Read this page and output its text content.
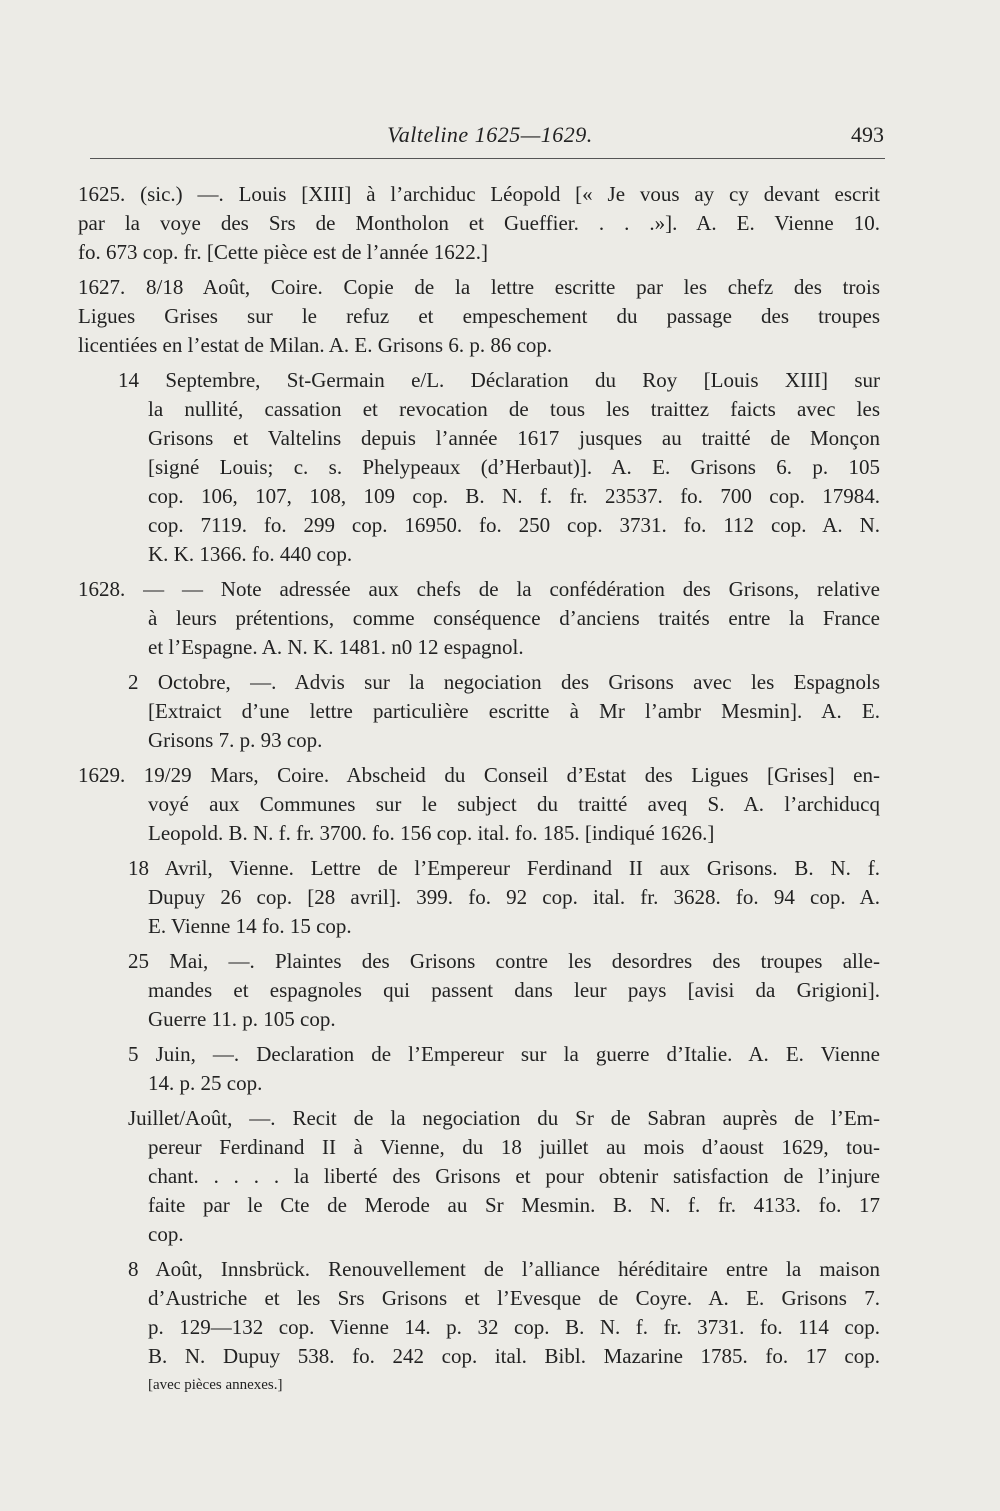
Valteline 1625—1629.	493
1625. (sic.) —. Louis [XIII] à l’archiduc Léopold [« Je vous ay cy devant escrit
par la voye des Srs de Montholon et Gueffier. . . .»]. A. E. Vienne 10.
fo. 673 cop. fr. [Cette pièce est de l’année 1622.]
1627. 8/18 Août, Coire. Copie de la lettre escritte par les chefz des trois
Ligues Grises sur le refuz et empeschement du passage des troupes
licentiées en l’estat de Milan. A. E. Grisons 6. p. 86 cop.
14 Septembre, St-Germain e/L. Déclaration du Roy [Louis XIII] sur
la nullité, cassation et revocation de tous les traittez faicts avec les
Grisons et Valtelins depuis l’année 1617 jusques au traitté de Monçon
[signé Louis; c. s. Phelypeaux (d’Herbaut)]. A. E. Grisons 6. p. 105
cop. 106, 107, 108, 109 cop. B. N. f. fr. 23537. fo. 700 cop. 17984.
cop. 7119. fo. 299 cop. 16950. fo. 250 cop. 3731. fo. 112 cop. A. N.
K. K. 1366. fo. 440 cop.
1628. — — Note adressée aux chefs de la confédération des Grisons, relative
à leurs prétentions, comme conséquence d’anciens traités entre la France
et l’Espagne. A. N. K. 1481. n0 12 espagnol.
2 Octobre, —. Advis sur la negociation des Grisons avec les Espagnols
[Extraict d’une lettre particulière escritte à Mr l’ambr Mesmin]. A. E.
Grisons 7. p. 93 cop.
1629. 19/29 Mars, Coire. Abscheid du Conseil d’Estat des Ligues [Grises] en-
voyé aux Communes sur le subject du traitté aveq S. A. l’archiducq
Leopold. B. N. f. fr. 3700. fo. 156 cop. ital. fo. 185. [indiqué 1626.]
18 Avril, Vienne. Lettre de l’Empereur Ferdinand II aux Grisons. B. N. f.
Dupuy 26 cop. [28 avril]. 399. fo. 92 cop. ital. fr. 3628. fo. 94 cop. A.
E. Vienne 14 fo. 15 cop.
25 Mai, —. Plaintes des Grisons contre les desordres des troupes alle-
mandes et espagnoles qui passent dans leur pays [avisi da Grigioni].
Guerre 11. p. 105 cop.
5 Juin, —. Declaration de l’Empereur sur la guerre d’Italie. A. E. Vienne
14. p. 25 cop.
Juillet/Août, —. Recit de la negociation du Sr de Sabran auprès de l’Em-
pereur Ferdinand II à Vienne, du 18 juillet au mois d’aoust 1629, tou-
chant. . . . . la liberté des Grisons et pour obtenir satisfaction de l’injure
faite par le Cte de Merode au Sr Mesmin. B. N. f. fr. 4133. fo. 17
cop.
8 Août, Innsbrück. Renouvellement de l’alliance héréditaire entre la maison
d’Austriche et les Srs Grisons et l’Evesque de Coyre. A. E. Grisons 7.
p. 129—132 cop. Vienne 14. p. 32 cop. B. N. f. fr. 3731. fo. 114 cop.
B. N. Dupuy 538. fo. 242 cop. ital. Bibl. Mazarine 1785. fo. 17 cop.
[avec pièces annexes.]
